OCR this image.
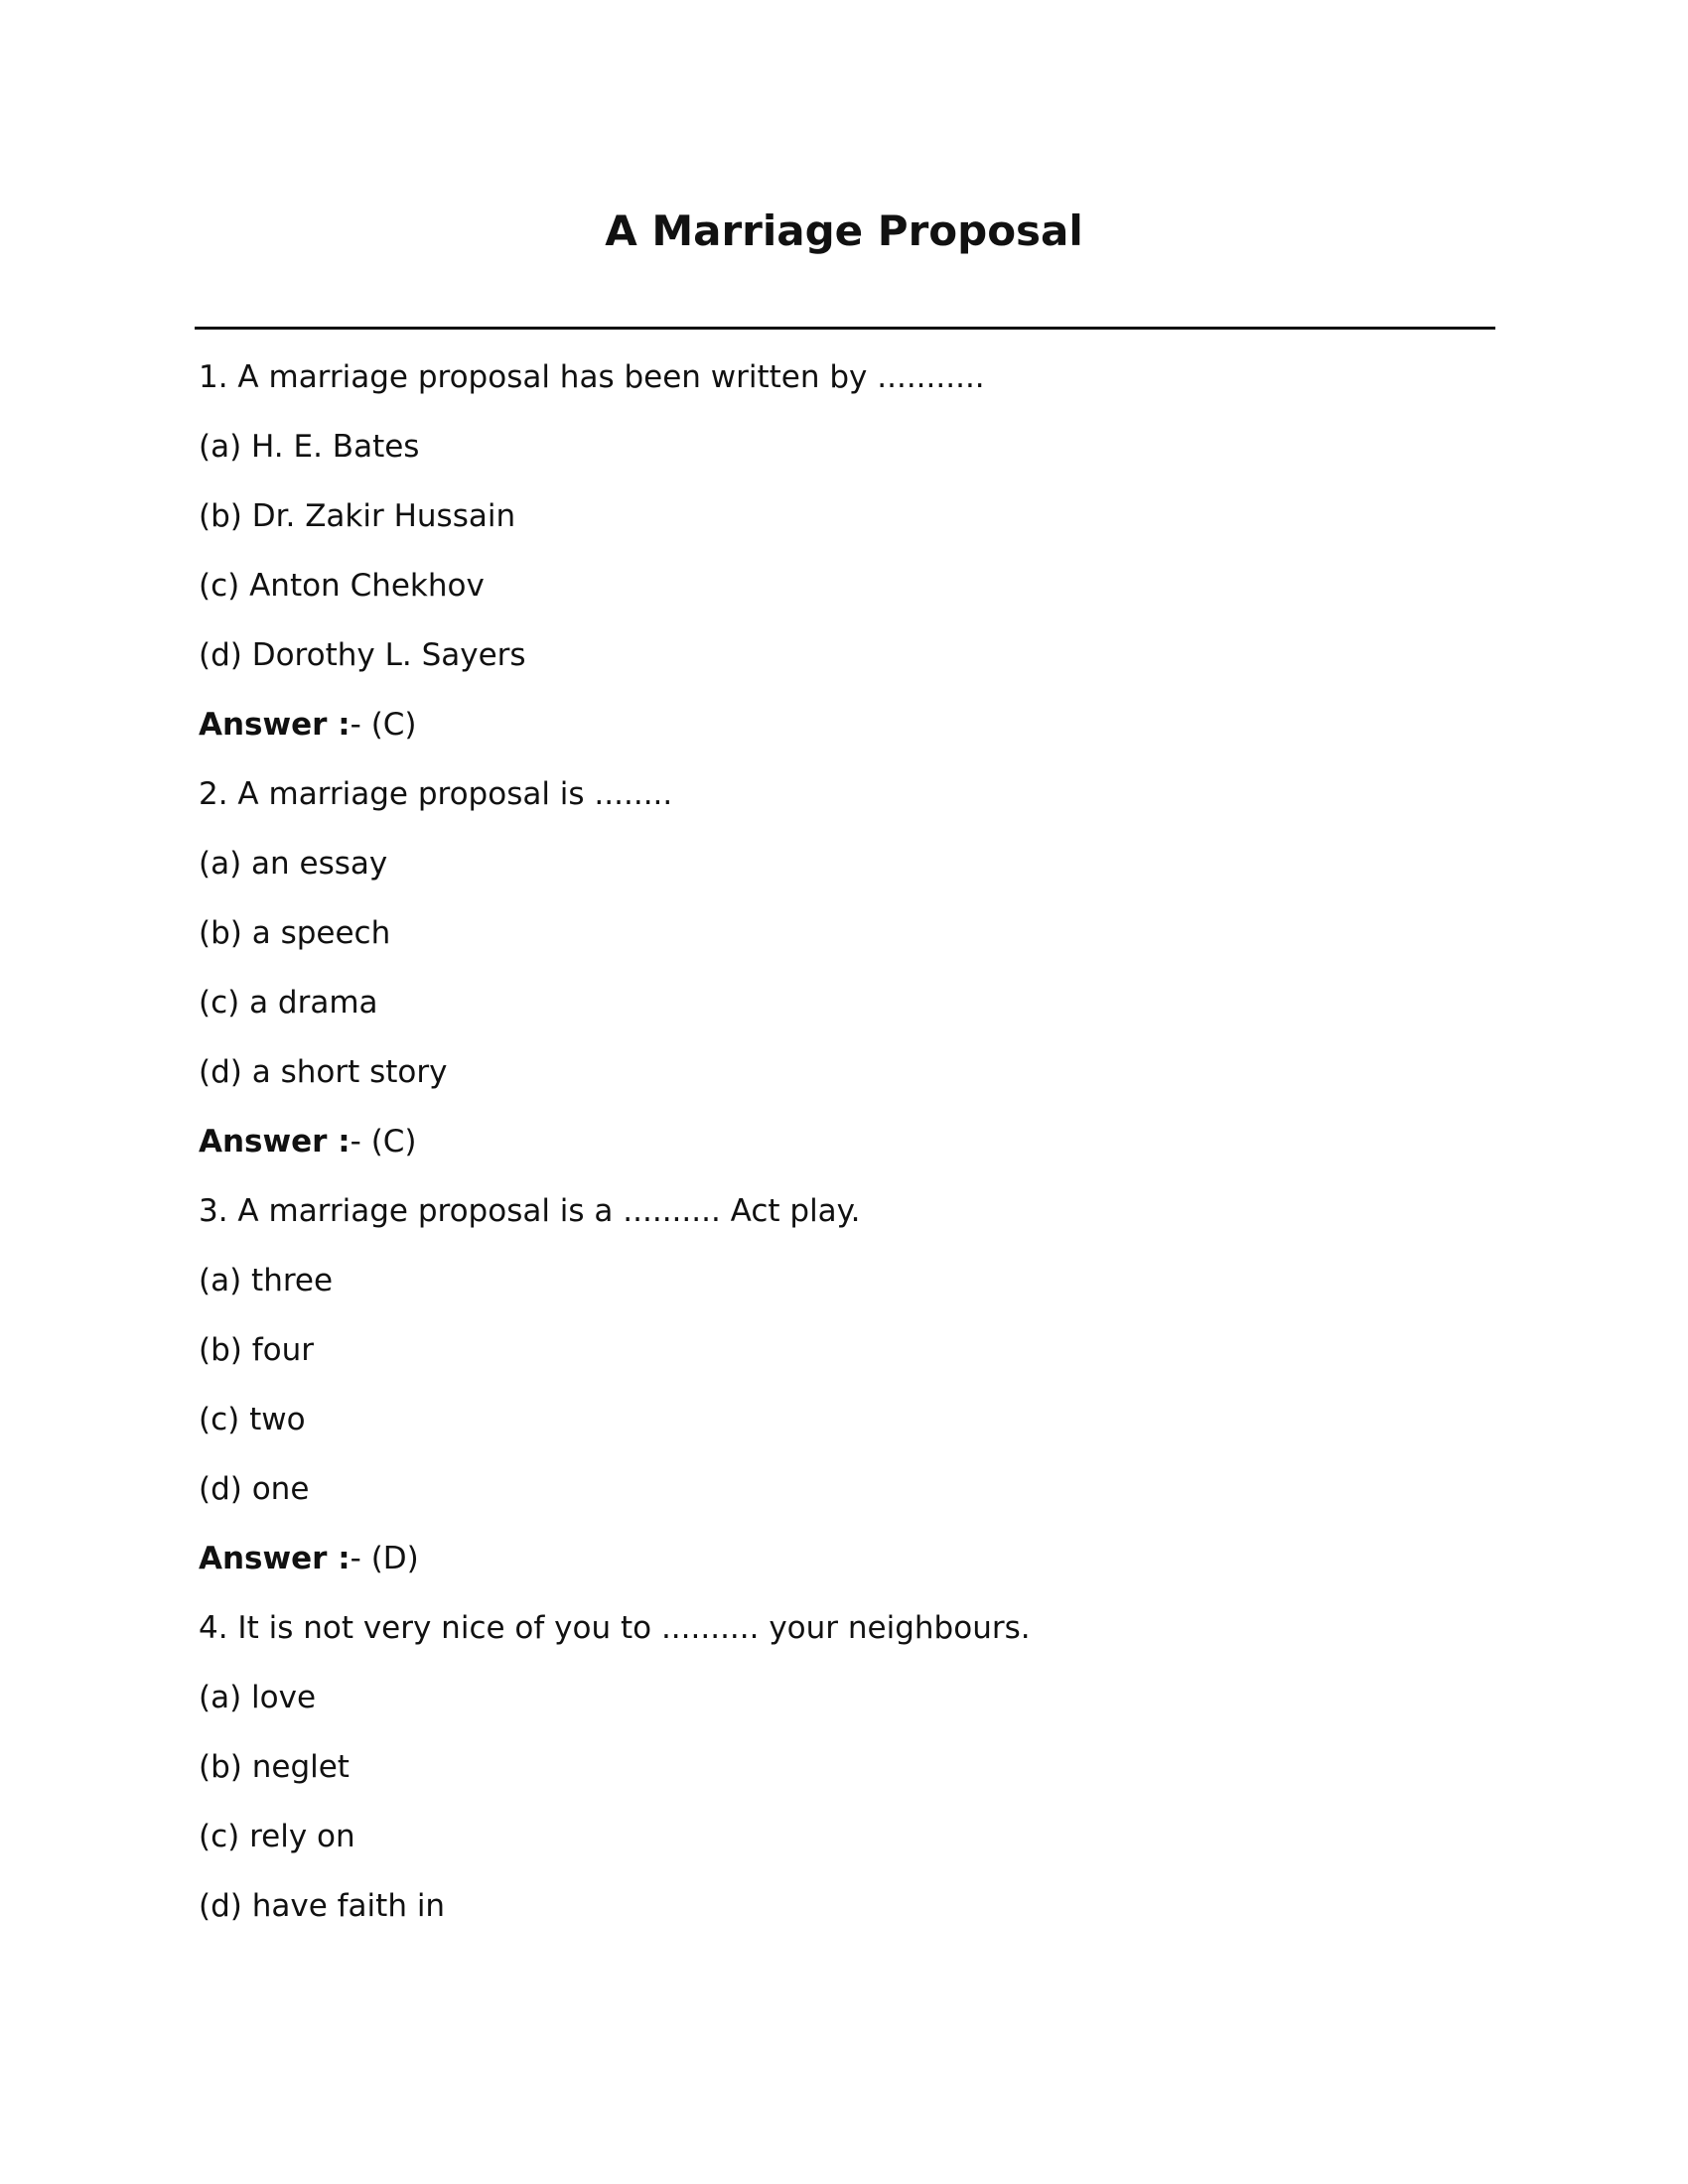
A Marriage Proposal
1. A marriage proposal has been written by ...........
(a) H. E. Bates
(b) Dr. Zakir Hussain
(c) Anton Chekhov
(d) Dorothy L. Sayers
Answer :- (C)
2. A marriage proposal is ........
(a) an essay
(b) a speech
(c) a drama
(d) a short story
Answer :- (C)
3. A marriage proposal is a .......... Act play.
(a) three
(b) four
(c) two
(d) one
Answer :- (D)
4. It is not very nice of you to .......... your neighbours.
(a) love
(b) neglet
(c) rely on
(d) have faith in
